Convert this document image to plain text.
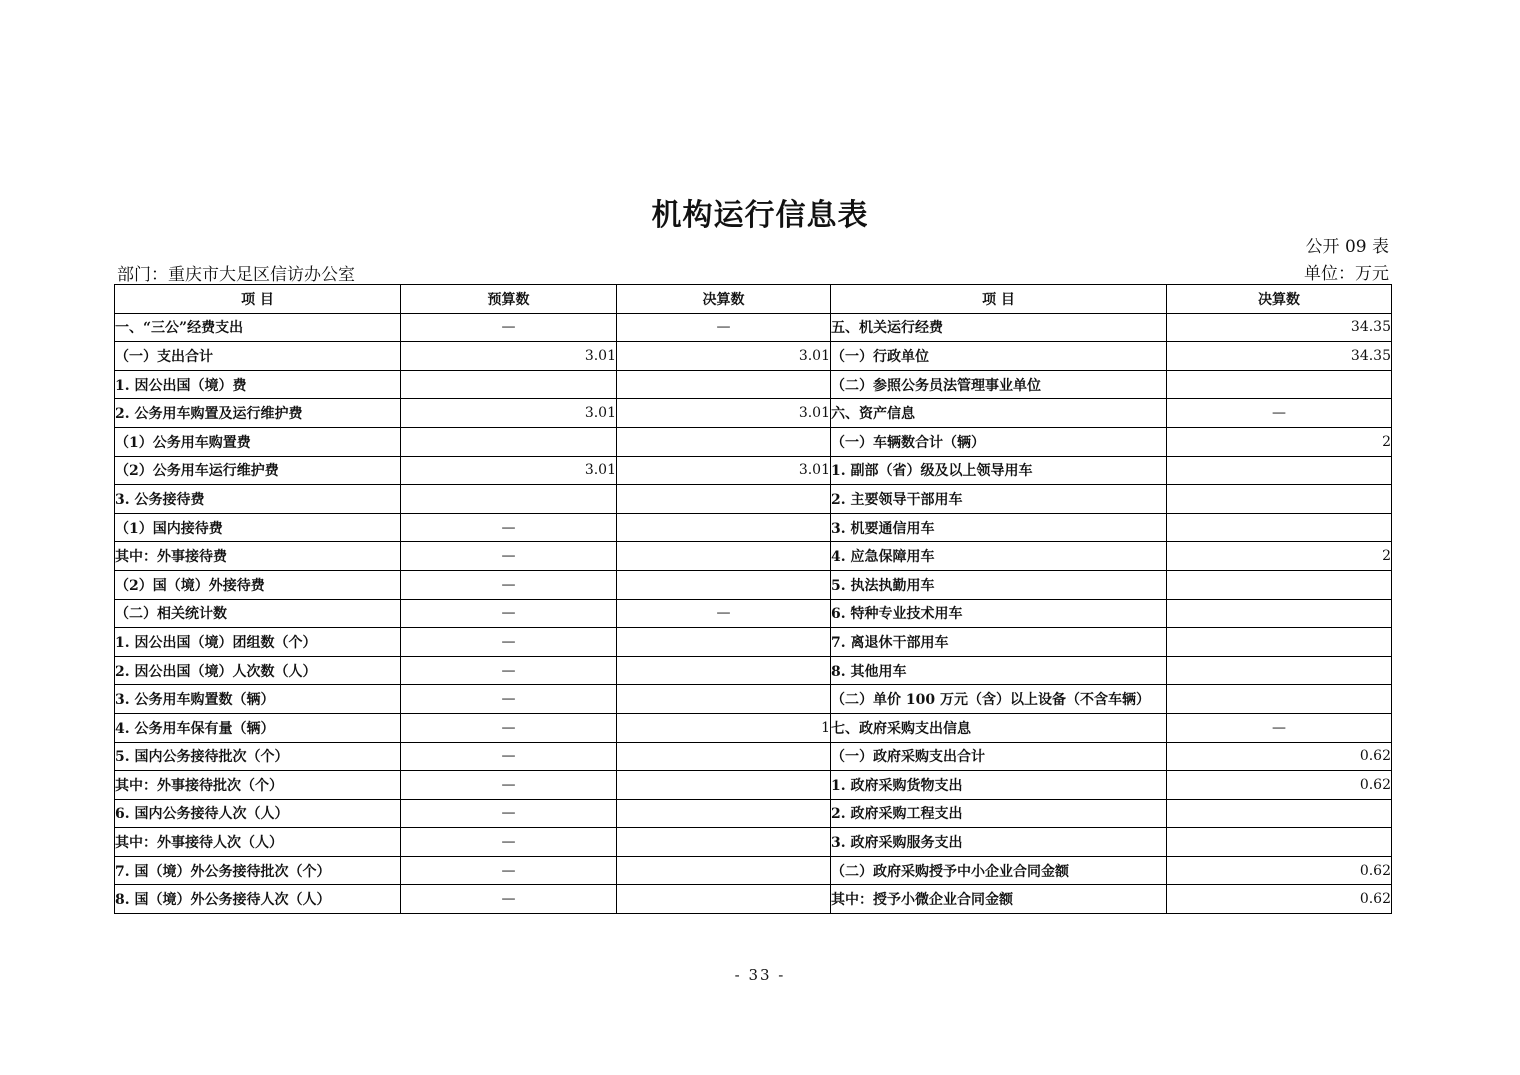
机构运行信息表
公开 09 表
部门：重庆市大足区信访办公室	单位：万元
项 目	预算数	决算数	项 目	决算数
一、“三公”经费支出	—	—	五、机关运行经费	34.35
（一）支出合计	3.01	3.01	（一）行政单位	34.35
1. 因公出国（境）费			（二）参照公务员法管理事业单位	
2. 公务用车购置及运行维护费	3.01	3.01	六、资产信息	—
（1）公务用车购置费			（一）车辆数合计（辆）	2
（2）公务用车运行维护费	3.01	3.01	1. 副部（省）级及以上领导用车	
3. 公务接待费			2. 主要领导干部用车	
（1）国内接待费	—		3. 机要通信用车	
其中：外事接待费	—		4. 应急保障用车	2
（2）国（境）外接待费	—		5. 执法执勤用车	
（二）相关统计数	—	—	6. 特种专业技术用车	
1. 因公出国（境）团组数（个）	—		7. 离退休干部用车	
2. 因公出国（境）人次数（人）	—		8. 其他用车	
3. 公务用车购置数（辆）	—		（二）单价 100 万元（含）以上设备（不含车辆）	
4. 公务用车保有量（辆）	—	1	七、政府采购支出信息	—
5. 国内公务接待批次（个）	—		（一）政府采购支出合计	0.62
其中：外事接待批次（个）	—		1. 政府采购货物支出	0.62
6. 国内公务接待人次（人）	—		2. 政府采购工程支出	
其中：外事接待人次（人）	—		3. 政府采购服务支出	
7. 国（境）外公务接待批次（个）	—		（二）政府采购授予中小企业合同金额	0.62
8. 国（境）外公务接待人次（人）	—		其中：授予小微企业合同金额	0.62
- 33 -
